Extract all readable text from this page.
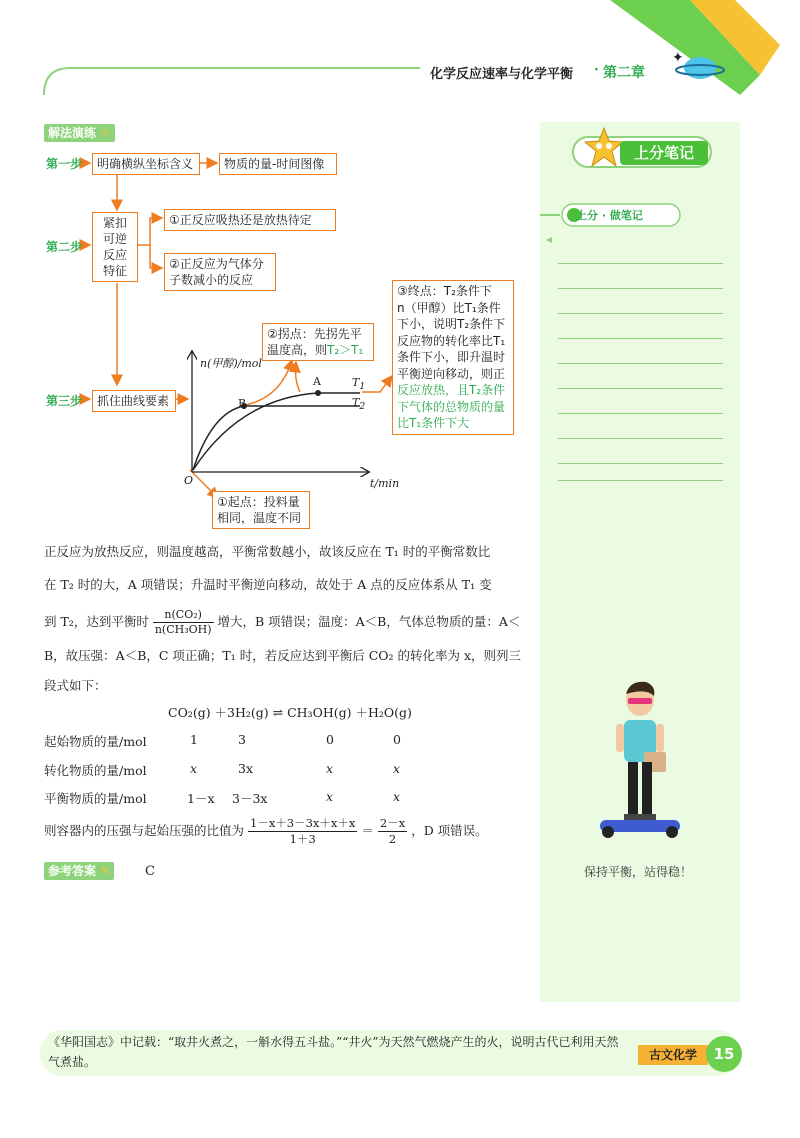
✦
化学反应速率与化学平衡 · 第二章
解法演练 ☼
n(甲醇)/mol
t/min
O
A
B
$T_1$
$T_2$
第一步
第二步
第三步
明确横纵坐标含义	物质的量-时间图像
紧扣
可逆
反应
特征
①正反应吸热还是放热待定
②正反应为气体分
子数减小的反应
抓住曲线要素
①起点：投料量
相同，温度不同
②拐点：先拐先平
温度高，则T₂＞T₁
③终点：T₂条件下
n（甲醇）比T₁条件
下小，说明T₂条件下
反应物的转化率比T₁
条件下小，即升温时
平衡逆向移动，则正
反应放热，且T₂条件
下气体的总物质的量
比T₁条件下大
正反应为放热反应，则温度越高，平衡常数越小，故该反应在 T₁ 时的平衡常数比
在 T₂ 时的大，A 项错误；升温时平衡逆向移动，故处于 A 点的反应体系从 T₁ 变
到 T₂，达到平衡时 $\frac{\text{n(CO₂)}}{\text{n(CH₃OH)}}$ 增大，B 项错误；温度：A＜B，气体总物质的量：A＜
B，故压强：A＜B，C 项正确；T₁ 时，若反应达到平衡后 CO₂ 的转化率为 x，则列三
段式如下：
CO₂(g) ＋3H₂(g) ⇌ CH₃OH(g) ＋H₂O(g)
起始物质的量/mol	1	3	0	0
转化物质的量/mol	x	3x	x	x
平衡物质的量/mol	1－x 3－3x	x	x
则容器内的压强与起始压强的比值为 $\frac{1-x+3-3x+x+x}{1+3} = \frac{2-x}{2}$ ，D 项错误。
参考答案 ✎	C
上分笔记
上分 · 做笔记
保持平衡，站得稳！
《华阳国志》中记载：“取井火煮之，一斛水得五斗盐。”“井火”为天然气燃烧产生的火，说明古代已利用天然气煮盐。	古文化学	15
